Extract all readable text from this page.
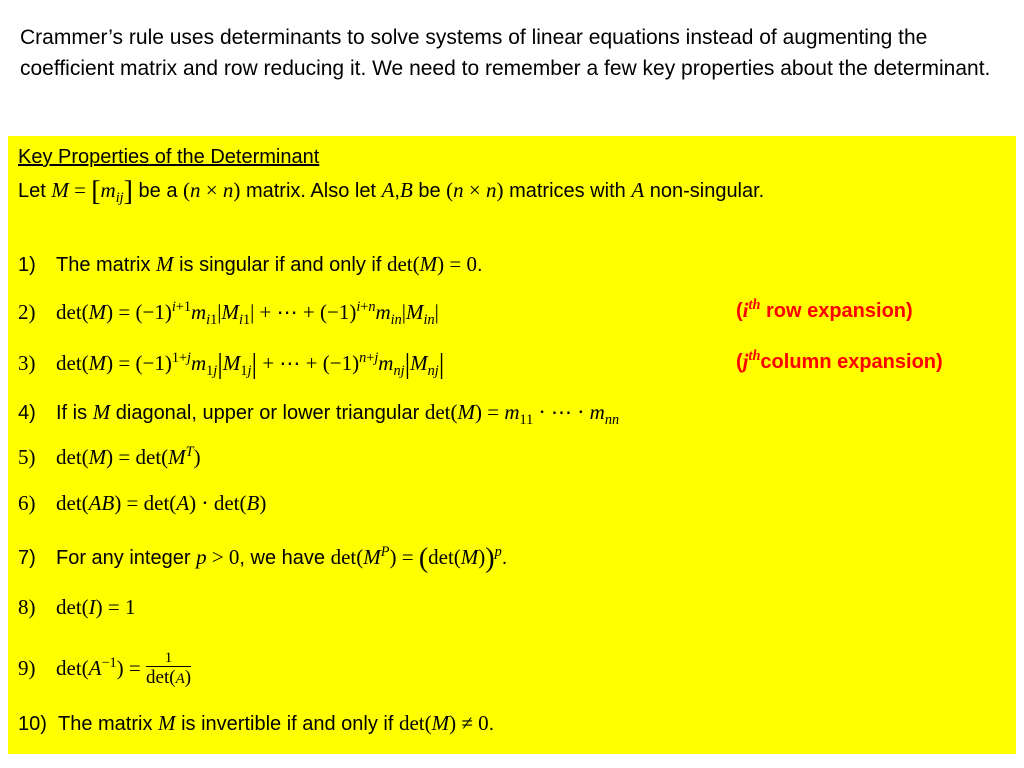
Crammer’s rule uses determinants to solve systems of linear equations instead of augmenting the coefficient matrix and row reducing it. We need to remember a few key properties about the determinant.

Key Properties of the Determinant
Let $M = [m_{ij}]$ be a (n × n) matrix. Also let A,B be (n × n) matrices with A non-singular.
1) The matrix M is singular if and only if det(M) = 0.
2) $\det(M) = (-1)^{i+1}m_{i1}|M_{i1}|$ + ⋯ + $(-1)^{i+n}m_{in}|M_{in}|$	($i^{th}$ row expansion)
3) $\det(M) = (-1)^{1+j}m_{1j}|M_{1j}|$ + ⋯ + $(-1)^{n+j}m_{nj}|M_{nj}|$	($j^{th}column$ expansion)
4) If is M diagonal, upper or lower triangular $\det(M) = m_{11}$ ⋅ ⋯ ⋅ $m_{nn}$
5) $\det(M) = \det(M^T)$
6) det(AB) = det(A) ⋅ det(B)
7) For any integer p > 0, we have $\det(M^P) = (\det(M))^p$.
8) det(I) = 1
9) $\det(A^{-1}) = \frac{1}{\det(A)}$
10) The matrix M is invertible if and only if det(M) ≠ 0.
